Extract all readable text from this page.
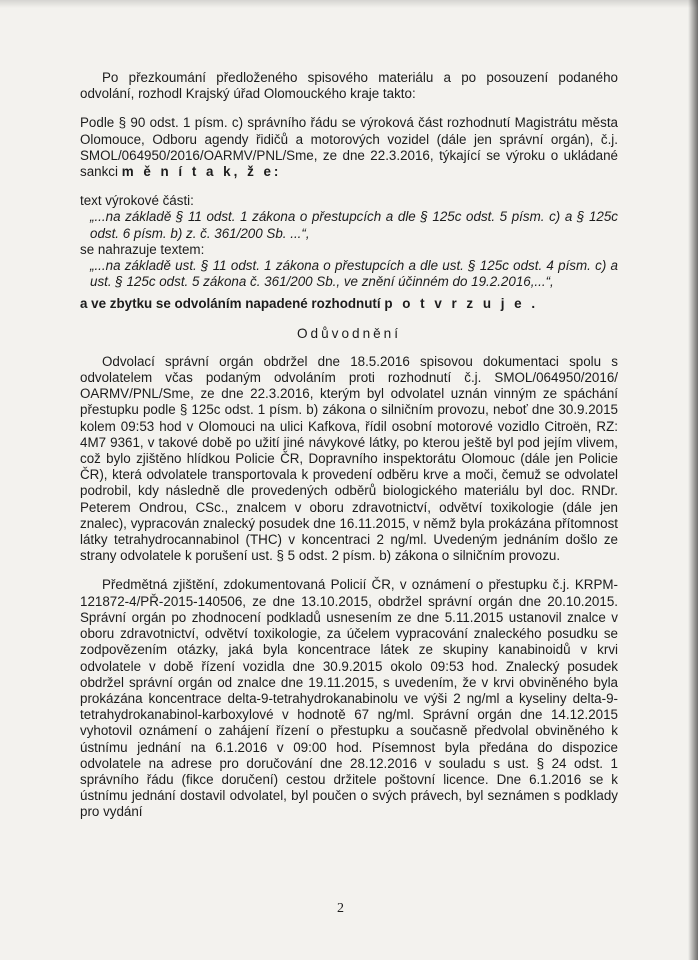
Po přezkoumání předloženého spisového materiálu a po posouzení podaného odvolání, rozhodl Krajský úřad Olomouckého kraje takto:

Podle § 90 odst. 1 písm. c) správního řádu se výroková část rozhodnutí Magistrátu města Olomouce, Odboru agendy řidičů a motorových vozidel (dále jen správní orgán), č.j. SMOL/064950/2016/OARMV/PNL/Sme, ze dne 22.3.2016, týkající se výroku o ukládané sankci m ě n í t a k, ž e:

text výrokové části:

„...na základě § 11 odst. 1 zákona o přestupcích a dle § 125c odst. 5 písm. c) a § 125c odst. 6 písm. b) z. č. 361/200 Sb. ...“,

se nahrazuje textem:

„...na základě ust. § 11 odst. 1 zákona o přestupcích a dle ust. § 125c odst. 4 písm. c) a ust. § 125c odst. 5 zákona č. 361/200 Sb., ve znění účinném do 19.2.2016,...“,

a ve zbytku se odvoláním napadené rozhodnutí p o t v r z u j e .

Odůvodnění

Odvolací správní orgán obdržel dne 18.5.2016 spisovou dokumentaci spolu s odvolatelem včas podaným odvoláním proti rozhodnutí č.j. SMOL/064950/2016/ OARMV/PNL/Sme, ze dne 22.3.2016, kterým byl odvolatel uznán vinným ze spáchání přestupku podle § 125c odst. 1 písm. b) zákona o silničním provozu, neboť dne 30.9.2015 kolem 09:53 hod v Olomouci na ulici Kafkova, řídil osobní motorové vozidlo Citroën, RZ: 4M7 9361, v takové době po užití jiné návykové látky, po kterou ještě byl pod jejím vlivem, což bylo zjištěno hlídkou Policie ČR, Dopravního inspektorátu Olomouc (dále jen Policie ČR), která odvolatele transportovala k provedení odběru krve a moči, čemuž se odvolatel podrobil, kdy následně dle provedených odběrů biologického materiálu byl doc. RNDr. Peterem Ondrou, CSc., znalcem v oboru zdravotnictví, odvětví toxikologie (dále jen znalec), vypracován znalecký posudek dne 16.11.2015, v němž byla prokázána přítomnost látky tetrahydrocannabinol (THC) v koncentraci 2 ng/ml. Uvedeným jednáním došlo ze strany odvolatele k porušení ust. § 5 odst. 2 písm. b) zákona o silničním provozu.

Předmětná zjištění, zdokumentovaná Policií ČR, v oznámení o přestupku č.j. KRPM-121872-4/PŘ-2015-140506, ze dne 13.10.2015, obdržel správní orgán dne 20.10.2015. Správní orgán po zhodnocení podkladů usnesením ze dne 5.11.2015 ustanovil znalce v oboru zdravotnictví, odvětví toxikologie, za účelem vypracování znaleckého posudku se zodpovězením otázky, jaká byla koncentrace látek ze skupiny kanabinoidů v krvi odvolatele v době řízení vozidla dne 30.9.2015 okolo 09:53 hod. Znalecký posudek obdržel správní orgán od znalce dne 19.11.2015, s uvedením, že v krvi obviněného byla prokázána koncentrace delta-9-tetrahydrokanabinolu ve výši 2 ng/ml a kyseliny delta-9-tetrahydrokanabinol-karboxylové v hodnotě 67 ng/ml. Správní orgán dne 14.12.2015 vyhotovil oznámení o zahájení řízení o přestupku a současně předvolal obviněného k ústnímu jednání na 6.1.2016 v 09:00 hod. Písemnost byla předána do dispozice odvolatele na adrese pro doručování dne 28.12.2016 v souladu s ust. § 24 odst. 1 správního řádu (fikce doručení) cestou držitele poštovní licence. Dne 6.1.2016 se k ústnímu jednání dostavil odvolatel, byl poučen o svých právech, byl seznámen s podklady pro vydání

2
